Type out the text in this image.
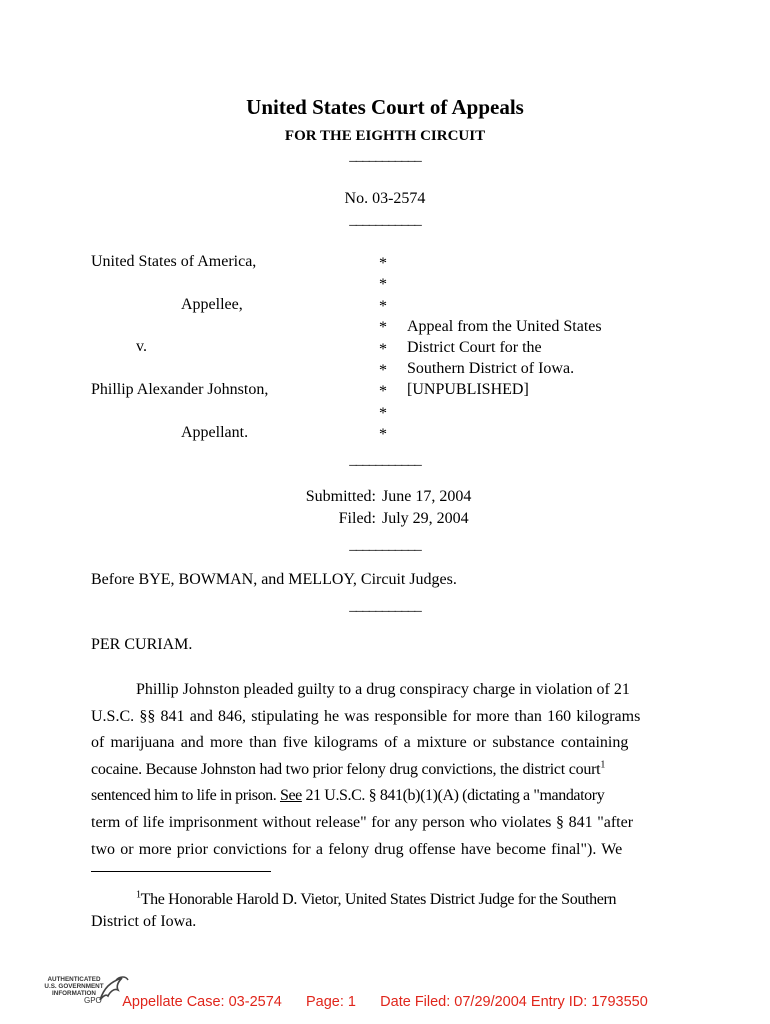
United States Court of Appeals
FOR THE EIGHTH CIRCUIT
___________
No. 03-2574
___________
United States of America,
Appellee,
v.
Phillip Alexander Johnston,
Appellant.
*
*
*
*
*
*
*
*
*
Appeal from the United States
District Court for the
Southern District of Iowa.
[UNPUBLISHED]
___________
Submitted: June 17, 2004
Filed: July 29, 2004
___________
Before BYE, BOWMAN, and MELLOY, Circuit Judges.
___________
PER CURIAM.
Phillip Johnston pleaded guilty to a drug conspiracy charge in violation of 21
U.S.C. §§ 841 and 846, stipulating he was responsible for more than 160 kilograms
of marijuana and more than five kilograms of a mixture or substance containing
cocaine. Because Johnston had two prior felony drug convictions, the district court$^1$
sentenced him to life in prison. See 21 U.S.C. § 841(b)(1)(A) (dictating a "mandatory
term of life imprisonment without release" for any person who violates § 841 "after
two or more prior convictions for a felony drug offense have become final"). We
$^1$The Honorable Harold D. Vietor, United States District Judge for the Southern
District of Iowa.
AUTHENTICATED
U.S. GOVERNMENT
INFORMATION
GPO	Appellate Case: 03-2574      Page: 1      Date Filed: 07/29/2004 Entry ID: 1793550
